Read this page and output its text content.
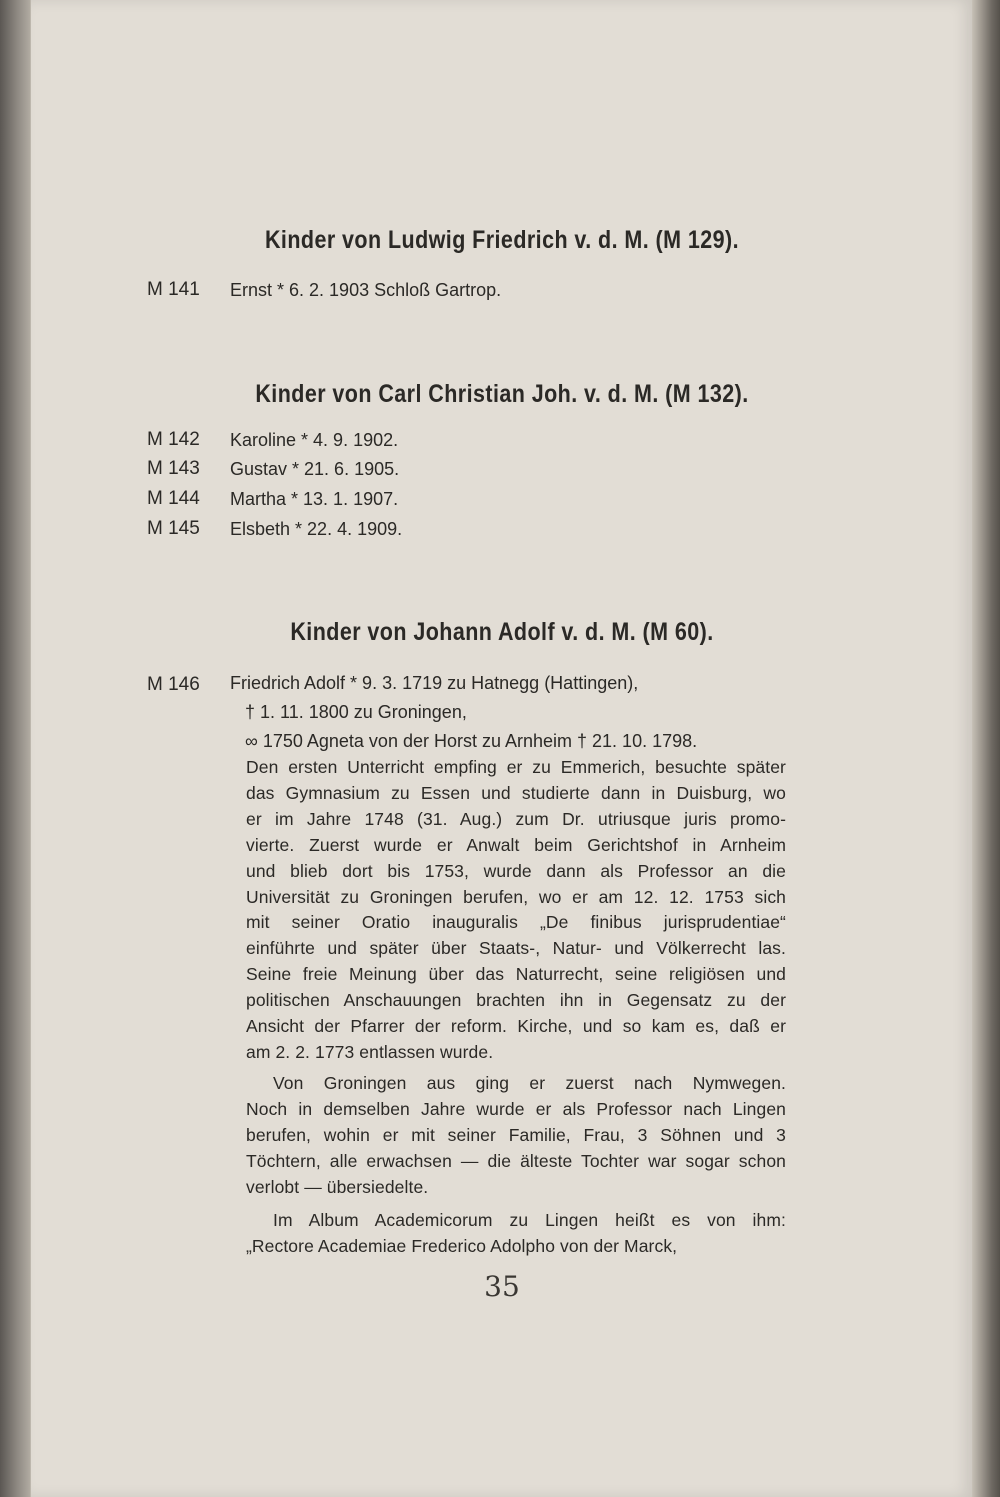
Kinder von Ludwig Friedrich v. d. M. (M 129).
M 141 Ernst * 6. 2. 1903 Schloß Gartrop.
Kinder von Carl Christian Joh. v. d. M. (M 132).
M 142 Karoline * 4. 9. 1902.
M 143 Gustav * 21. 6. 1905.
M 144 Martha * 13. 1. 1907.
M 145 Elsbeth * 22. 4. 1909.
Kinder von Johann Adolf v. d. M. (M 60).
M 146 Friedrich Adolf * 9. 3. 1719 zu Hatnegg (Hattingen),
† 1. 11. 1800 zu Groningen,
∞ 1750 Agneta von der Horst zu Arnheim † 21. 10. 1798.
Den ersten Unterricht empfing er zu Emmerich, besuchte später
das Gymnasium zu Essen und studierte dann in Duisburg, wo
er im Jahre 1748 (31. Aug.) zum Dr. utriusque juris promo-
vierte. Zuerst wurde er Anwalt beim Gerichtshof in Arnheim
und blieb dort bis 1753, wurde dann als Professor an die
Universität zu Groningen berufen, wo er am 12. 12. 1753 sich
mit seiner Oratio inauguralis „De finibus jurisprudentiae“
einführte und später über Staats-, Natur- und Völkerrecht las.
Seine freie Meinung über das Naturrecht, seine religiösen und
politischen Anschauungen brachten ihn in Gegensatz zu der
Ansicht der Pfarrer der reform. Kirche, und so kam es, daß er
am 2. 2. 1773 entlassen wurde.
Von Groningen aus ging er zuerst nach Nymwegen.
Noch in demselben Jahre wurde er als Professor nach Lingen
berufen, wohin er mit seiner Familie, Frau, 3 Söhnen und 3
Töchtern, alle erwachsen — die älteste Tochter war sogar schon
verlobt — übersiedelte.
Im Album Academicorum zu Lingen heißt es von ihm:
„Rectore Academiae Frederico Adolpho von der Marck,
35
